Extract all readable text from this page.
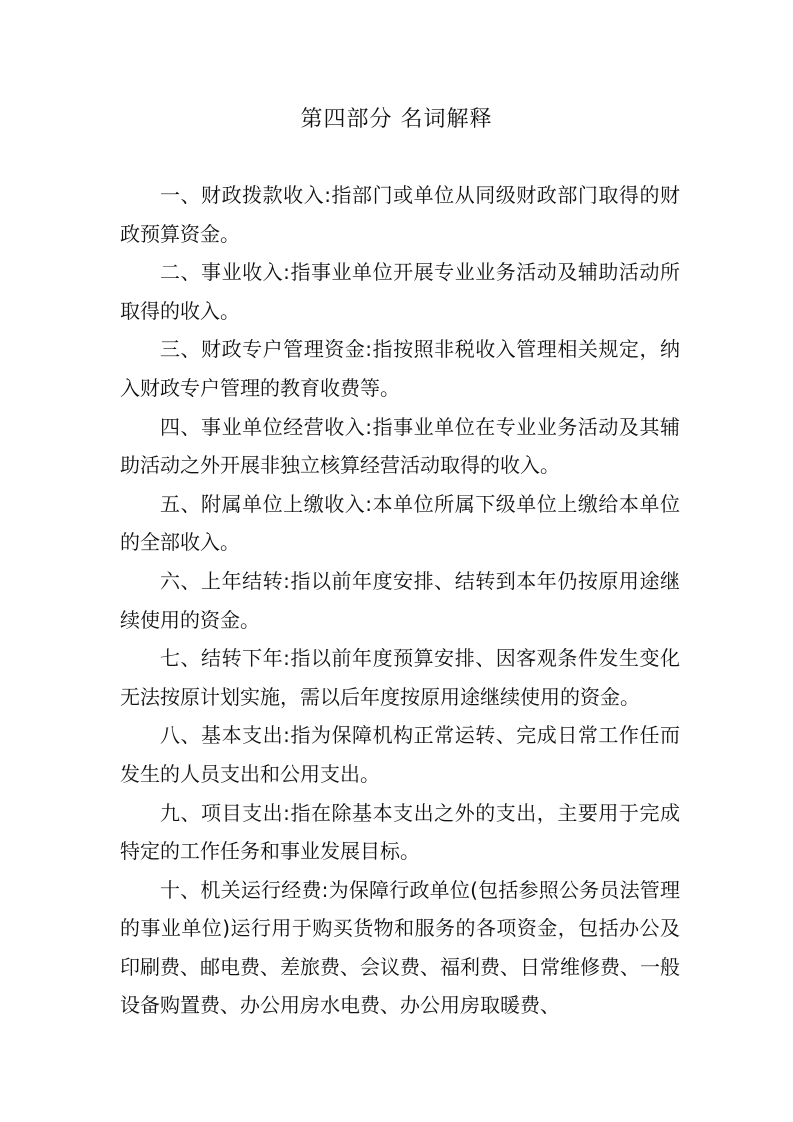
第四部分 名词解释

一、财政拨款收入:指部门或单位从同级财政部门取得的财政预算资金。

二、事业收入:指事业单位开展专业业务活动及辅助活动所取得的收入。

三、财政专户管理资金:指按照非税收入管理相关规定，纳入财政专户管理的教育收费等。

四、事业单位经营收入:指事业单位在专业业务活动及其辅助活动之外开展非独立核算经营活动取得的收入。

五、附属单位上缴收入:本单位所属下级单位上缴给本单位的全部收入。

六、上年结转:指以前年度安排、结转到本年仍按原用途继续使用的资金。

七、结转下年:指以前年度预算安排、因客观条件发生变化无法按原计划实施，需以后年度按原用途继续使用的资金。

八、基本支出:指为保障机构正常运转、完成日常工作任而发生的人员支出和公用支出。

九、项目支出:指在除基本支出之外的支出，主要用于完成特定的工作任务和事业发展目标。

十、机关运行经费:为保障行政单位(包括参照公务员法管理的事业单位)运行用于购买货物和服务的各项资金，包括办公及印刷费、邮电费、差旅费、会议费、福利费、日常维修费、一般设备购置费、办公用房水电费、办公用房取暖费、
